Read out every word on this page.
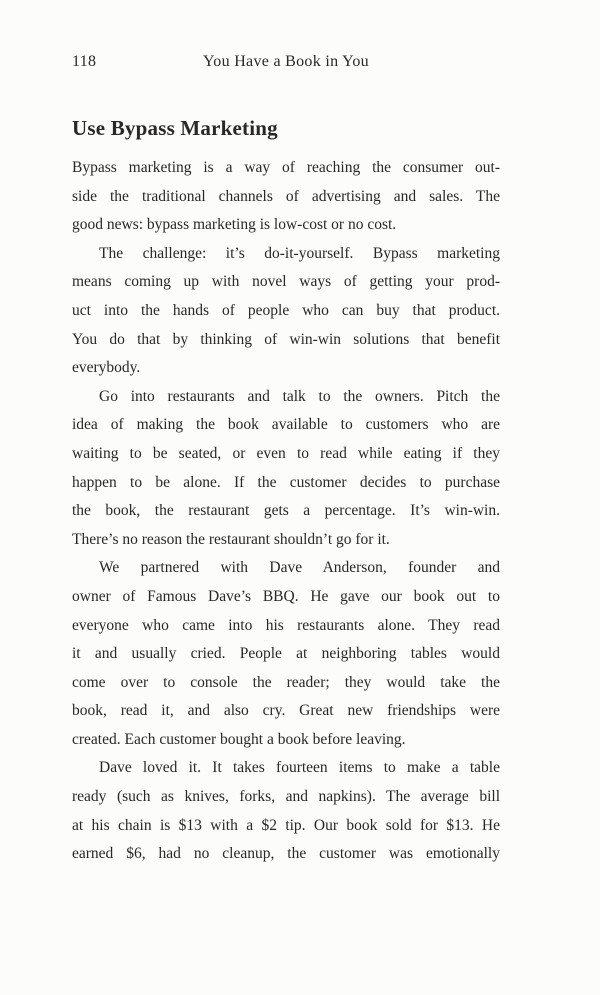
118	You Have a Book in You
Use Bypass Marketing
Bypass marketing is a way of reaching the consumer out-
side the traditional channels of advertising and sales. The
good news: bypass marketing is low-cost or no cost.
The challenge: it’s do-it-yourself. Bypass marketing
means coming up with novel ways of getting your prod-
uct into the hands of people who can buy that product.
You do that by thinking of win-win solutions that benefit
everybody.
Go into restaurants and talk to the owners. Pitch the
idea of making the book available to customers who are
waiting to be seated, or even to read while eating if they
happen to be alone. If the customer decides to purchase
the book, the restaurant gets a percentage. It’s win-win.
There’s no reason the restaurant shouldn’t go for it.
We partnered with Dave Anderson, founder and
owner of Famous Dave’s BBQ. He gave our book out to
everyone who came into his restaurants alone. They read
it and usually cried. People at neighboring tables would
come over to console the reader; they would take the
book, read it, and also cry. Great new friendships were
created. Each customer bought a book before leaving.
Dave loved it. It takes fourteen items to make a table
ready (such as knives, forks, and napkins). The average bill
at his chain is $13 with a $2 tip. Our book sold for $13. He
earned $6, had no cleanup, the customer was emotionally
